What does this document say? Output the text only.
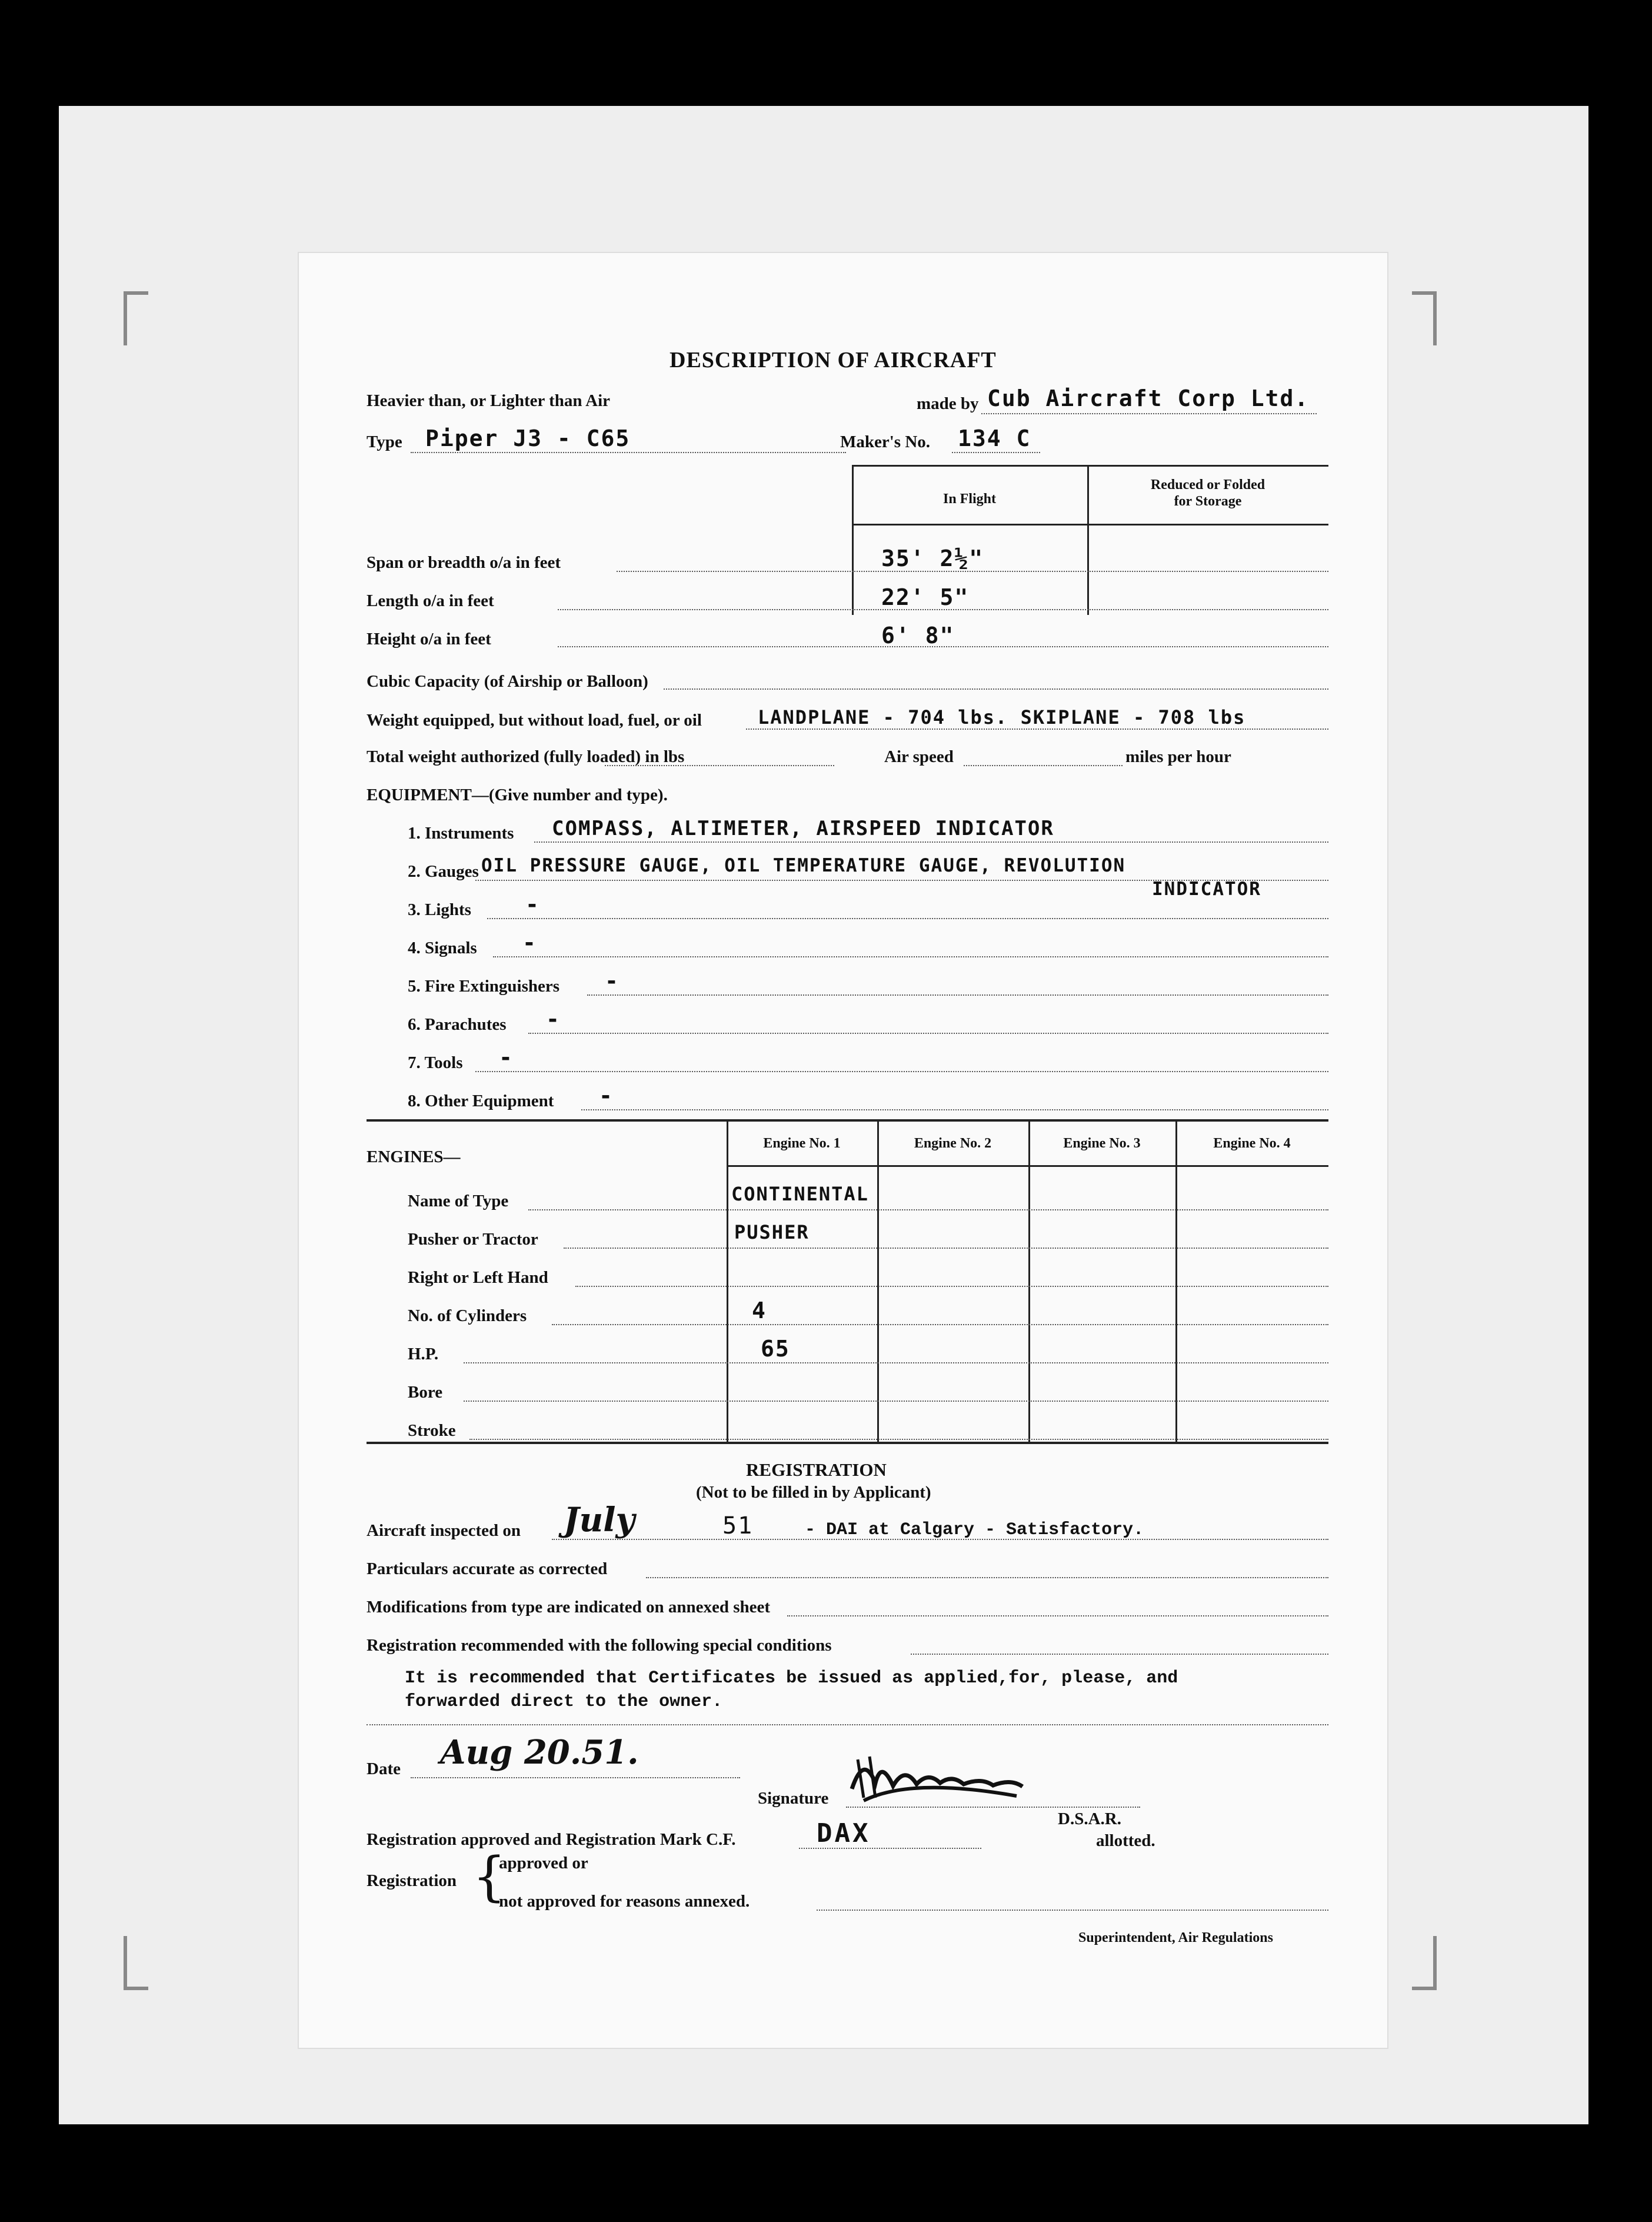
DESCRIPTION OF AIRCRAFT
Heavier than, or Lighter than Air	made by Cub Aircraft Corp Ltd.
Type Piper J3 - C65	Maker's No. 134 C
In Flight
Reduced or Folded for Storage
Span or breadth o/a in feet	35' 2½"
Length o/a in feet	22' 5"
Height o/a in feet	6' 8"
Cubic Capacity (of Airship or Balloon)
Weight equipped, but without load, fuel, or oil	LANDPLANE - 704 lbs. SKIPLANE - 708 lbs
Total weight authorized (fully loaded) in lbs	Air speed	miles per hour
EQUIPMENT—(Give number and type).
1. Instruments COMPASS, ALTIMETER, AIRSPEED INDICATOR
2. Gauges OIL PRESSURE GAUGE, OIL TEMPERATURE GAUGE, REVOLUTION
INDICATOR
3. Lights -
4. Signals -
5. Fire Extinguishers -
6. Parachutes -
7. Tools -
8. Other Equipment -
Engine No. 1	Engine No. 2	Engine No. 3	Engine No. 4
ENGINES—
Name of Type	CONTINENTAL
Pusher or Tractor	PUSHER
Right or Left Hand
No. of Cylinders	4
H.P.	65
Bore
Stroke
REGISTRATION
(Not to be filled in by Applicant)
Aircraft inspected on July	51	- DAI at Calgary - Satisfactory.
Particulars accurate as corrected
Modifications from type are indicated on annexed sheet
Registration recommended with the following special conditions
It is recommended that Certificates be issued as applied,for, please, and
forwarded direct to the owner.
Date Aug 20.51.
Signature
D.S.A.R.
Registration approved and Registration Mark C.F.	DAX	allotted.
Registration {
approved or
not approved for reasons annexed.
Superintendent, Air Regulations
